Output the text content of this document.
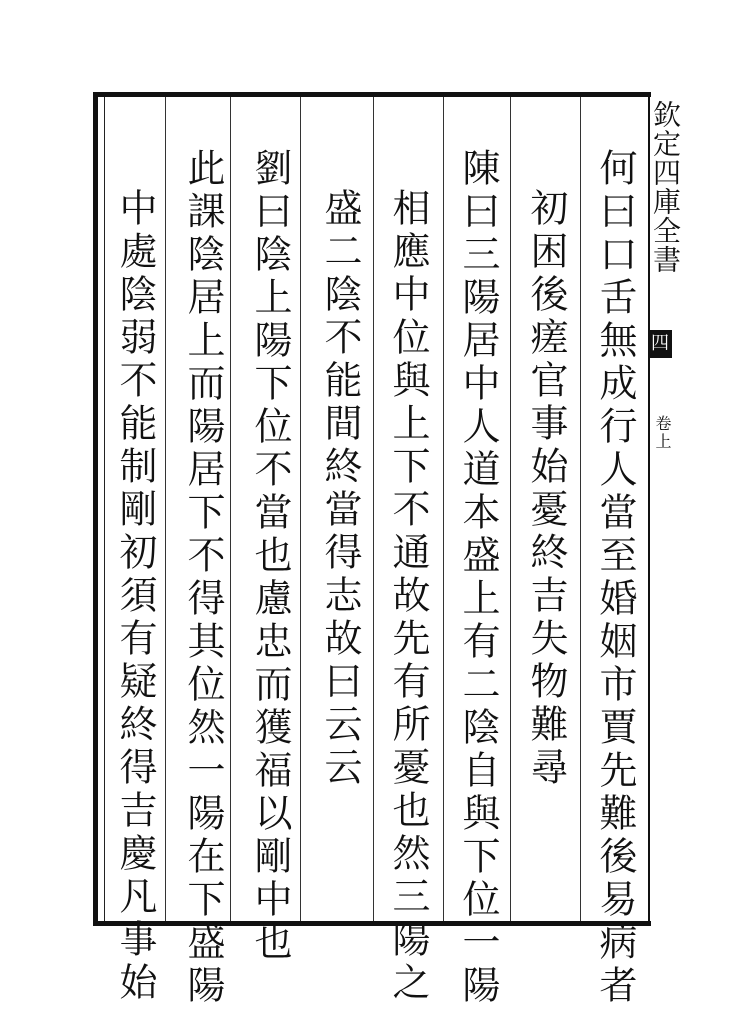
欽定四庫全書
四
卷上
何曰口舌無成行人當至婚姻市賈先難後易病者
初困後瘥官事始憂終吉失物難尋
陳曰三陽居中人道本盛上有二陰自與下位一陽
相應中位與上下不通故先有所憂也然三陽之
盛二陰不能間終當得志故曰云云
劉曰陰上陽下位不當也慮忠而獲福以剛中也
此課陰居上而陽居下不得其位然一陽在下盛陽
中處陰弱不能制剛初須有疑終得吉慶凡事始
